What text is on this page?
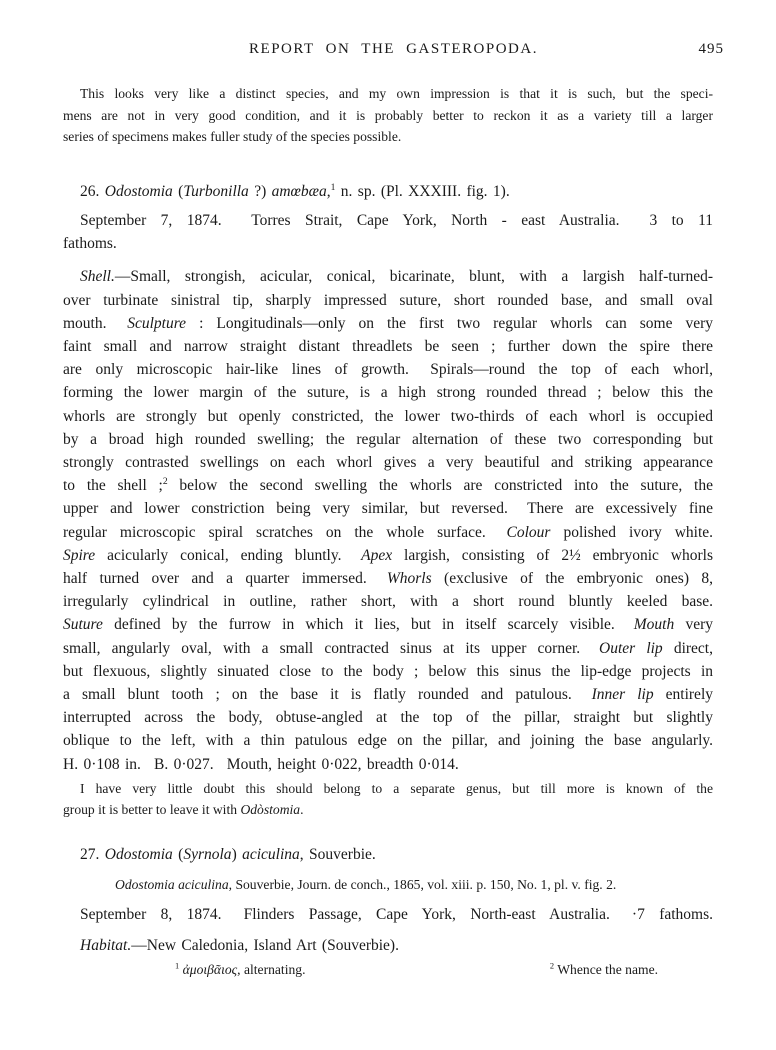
REPORT ON THE GASTEROPODA.	495
This looks very like a distinct species, and my own impression is that it is such, but the speci-
mens are not in very good condition, and it is probably better to reckon it as a variety till a larger
series of specimens makes fuller study of the species possible.
26. Odostomia (Turbonilla ?) amœbæa,$^1$ n. sp. (Pl. XXXIII. fig. 1).
September 7, 1874.  Torres Strait, Cape York, North - east Australia.  3 to 11
fathoms.
Shell.—Small, strongish, acicular, conical, bicarinate, blunt, with a largish half-turned-
over turbinate sinistral tip, sharply impressed suture, short rounded base, and small oval
mouth.  Sculpture : Longitudinals—only on the first two regular whorls can some very
faint small and narrow straight distant threadlets be seen ; further down the spire there
are only microscopic hair-like lines of growth.  Spirals—round the top of each whorl,
forming the lower margin of the suture, is a high strong rounded thread ; below this the
whorls are strongly but openly constricted, the lower two-thirds of each whorl is occupied
by a broad high rounded swelling; the regular alternation of these two corresponding but
strongly contrasted swellings on each whorl gives a very beautiful and striking appearance
to the shell ;$^2$ below the second swelling the whorls are constricted into the suture, the
upper and lower constriction being very similar, but reversed.  There are excessively fine
regular microscopic spiral scratches on the whole surface.  Colour polished ivory white.
Spire acicularly conical, ending bluntly.  Apex largish, consisting of 2½ embryonic whorls
half turned over and a quarter immersed.  Whorls (exclusive of the embryonic ones) 8,
irregularly cylindrical in outline, rather short, with a short round bluntly keeled base.
Suture defined by the furrow in which it lies, but in itself scarcely visible.  Mouth very
small, angularly oval, with a small contracted sinus at its upper corner.  Outer lip direct,
but flexuous, slightly sinuated close to the body ; below this sinus the lip-edge projects in
a small blunt tooth ; on the base it is flatly rounded and patulous.  Inner lip entirely
interrupted across the body, obtuse-angled at the top of the pillar, straight but slightly
oblique to the left, with a thin patulous edge on the pillar, and joining the base angularly.
H. 0·108 in.  B. 0·027.  Mouth, height 0·022, breadth 0·014.
I have very little doubt this should belong to a separate genus, but till more is known of the
group it is better to leave it with Odòstomia.
27. Odostomia (Syrnola) aciculina, Souverbie.
Odostomia aciculina, Souverbie, Journ. de conch., 1865, vol. xiii. p. 150, No. 1, pl. v. fig. 2.
September 8, 1874.  Flinders Passage, Cape York, North-east Australia.  ·7 fathoms.
Habitat.—New Caledonia, Island Art (Souverbie).
$^1$ ἀμοιβᾶιος, alternating.	$^2$ Whence the name.
